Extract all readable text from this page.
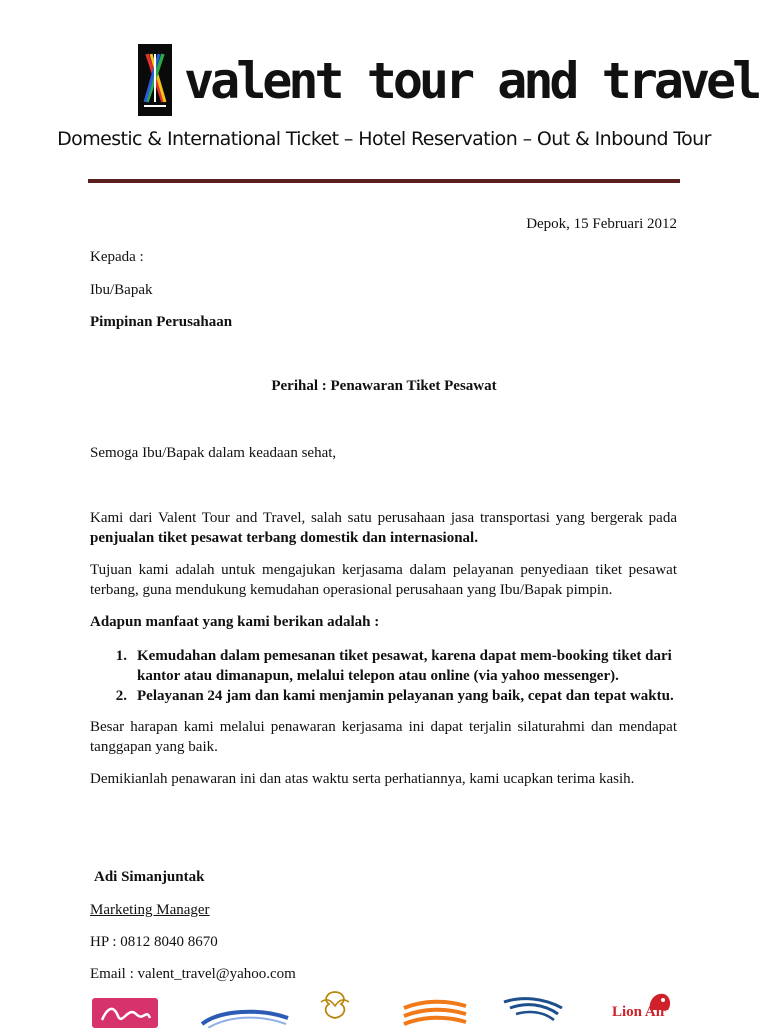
valent tour and travel
Domestic & International Ticket – Hotel Reservation – Out & Inbound Tour
Depok, 15 Februari 2012
Kepada :
Ibu/Bapak
Pimpinan Perusahaan
Perihal : Penawaran Tiket Pesawat
Semoga Ibu/Bapak dalam keadaan sehat,
Kami dari Valent Tour and Travel, salah satu perusahaan jasa transportasi yang bergerak pada penjualan tiket pesawat terbang domestik dan internasional.
Tujuan kami adalah untuk mengajukan kerjasama dalam pelayanan penyediaan tiket pesawat terbang, guna mendukung kemudahan operasional perusahaan yang Ibu/Bapak pimpin.
Adapun manfaat yang kami berikan adalah :
1. Kemudahan dalam pemesanan tiket pesawat, karena dapat mem-booking tiket dari kantor atau dimanapun, melalui telepon atau online (via yahoo messenger).
2. Pelayanan 24 jam dan kami menjamin pelayanan yang baik, cepat dan tepat waktu.
Besar harapan kami melalui penawaran kerjasama ini dapat terjalin silaturahmi dan mendapat tanggapan yang baik.
Demikianlah penawaran ini dan atas waktu serta perhatiannya, kami ucapkan terima kasih.
Adi Simanjuntak
Marketing Manager
HP : 0812 8040 8670
Email : valent_travel@yahoo.com
Lion Air
